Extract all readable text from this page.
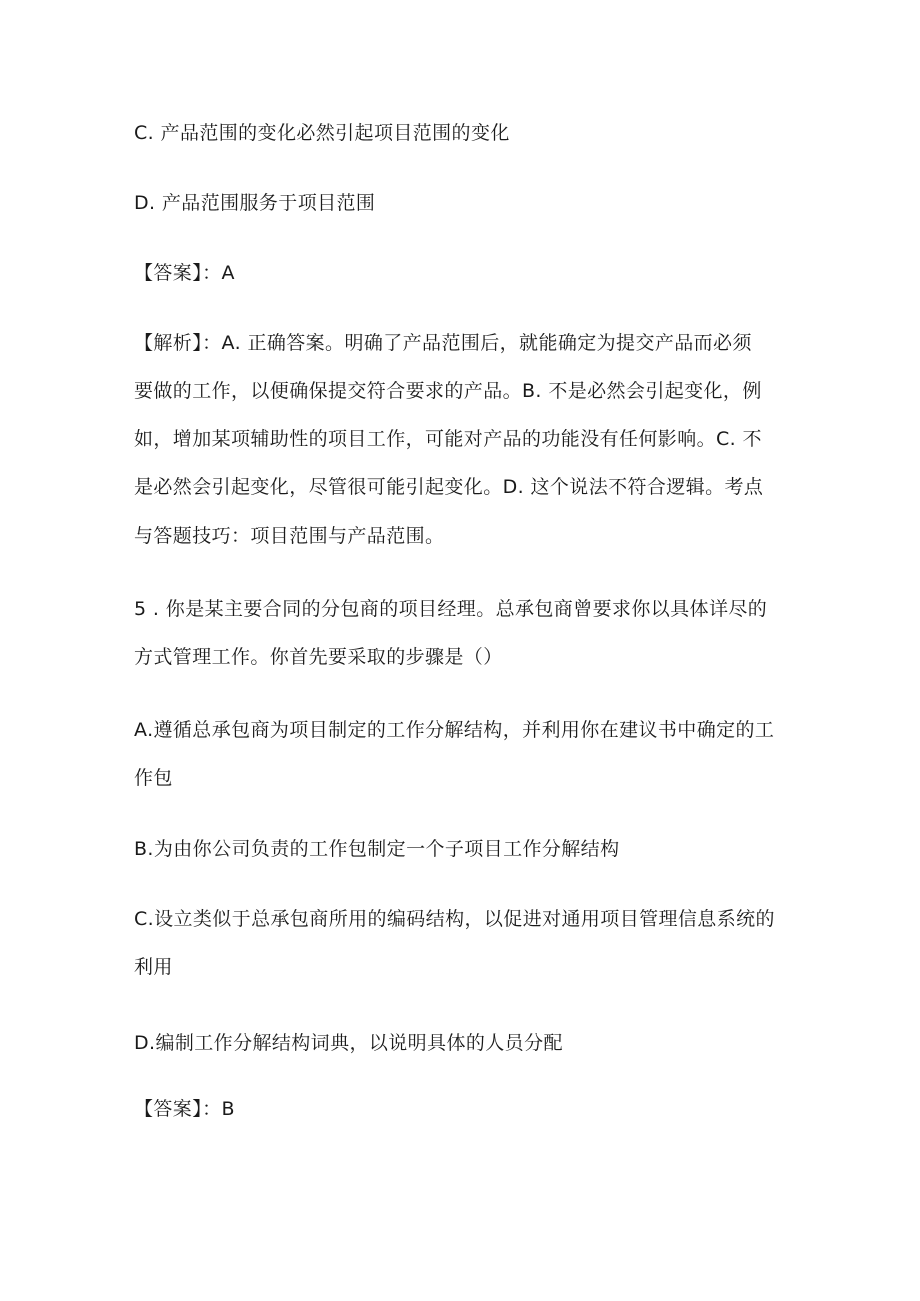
C. 产品范围的变化必然引起项目范围的变化
D. 产品范围服务于项目范围
【答案】：A
【解析】：A. 正确答案。明确了产品范围后，就能确定为提交产品而必须
要做的工作，以便确保提交符合要求的产品。B. 不是必然会引起变化，例
如，增加某项辅助性的项目工作，可能对产品的功能没有任何影响。C. 不
是必然会引起变化，尽管很可能引起变化。D. 这个说法不符合逻辑。考点
与答题技巧：项目范围与产品范围。
5 . 你是某主要合同的分包商的项目经理。总承包商曾要求你以具体详尽的
方式管理工作。你首先要采取的步骤是（）
A.遵循总承包商为项目制定的工作分解结构，并利用你在建议书中确定的工
作包
B.为由你公司负责的工作包制定一个子项目工作分解结构
C.设立类似于总承包商所用的编码结构，以促进对通用项目管理信息系统的
利用
D.编制工作分解结构词典，以说明具体的人员分配
【答案】：B
